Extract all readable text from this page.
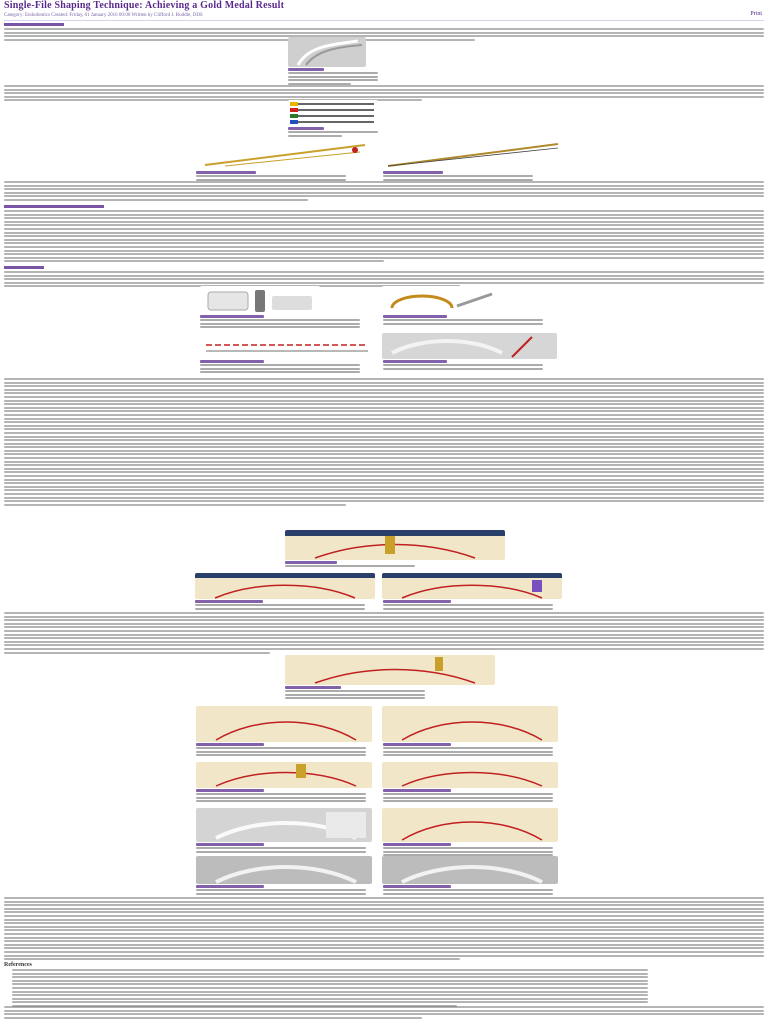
Single-File Shaping Technique: Achieving a Gold Medal Result
Category: Endodontics Created: Friday, 01 January 2016 00:00 Written by Clifford J. Ruddle, DDS	Print
References
